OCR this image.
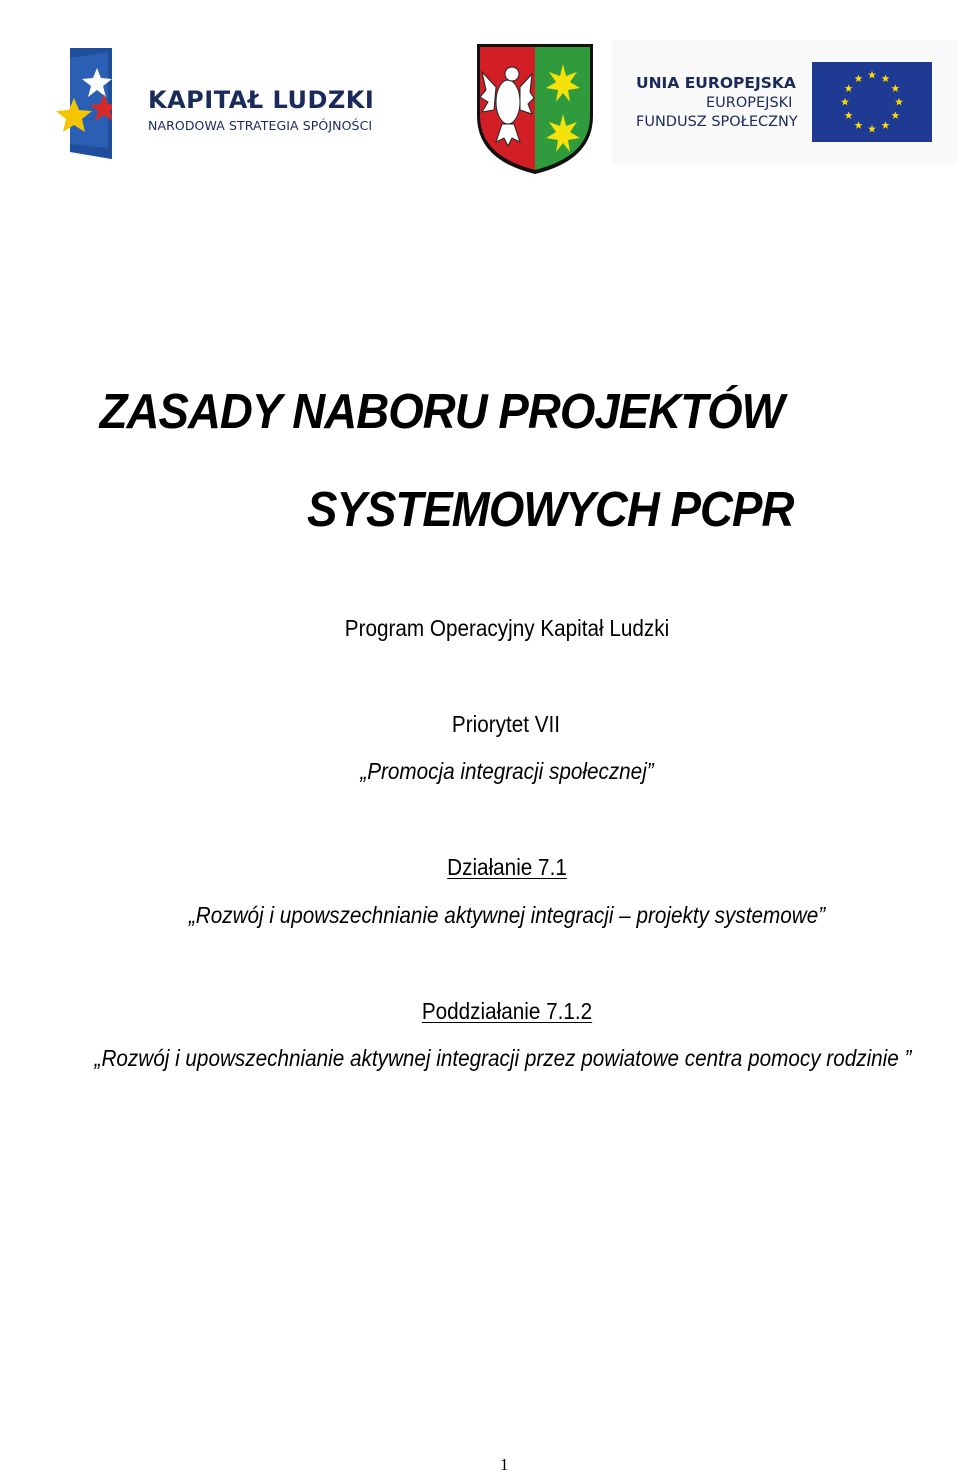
KAPITAŁ LUDZKI
NARODOWA STRATEGIA SPÓJNOŚCI
UNIA EUROPEJSKA
EUROPEJSKI
FUNDUSZ SPOŁECZNY
ZASADY NABORU PROJEKTÓW
SYSTEMOWYCH PCPR
Program Operacyjny Kapitał Ludzki
Priorytet VII
„Promocja integracji społecznej”
Działanie 7.1
„Rozwój i upowszechnianie aktywnej integracji – projekty systemowe”
Poddziałanie 7.1.2
„Rozwój i upowszechnianie aktywnej integracji przez powiatowe centra pomocy rodzinie ”
1
